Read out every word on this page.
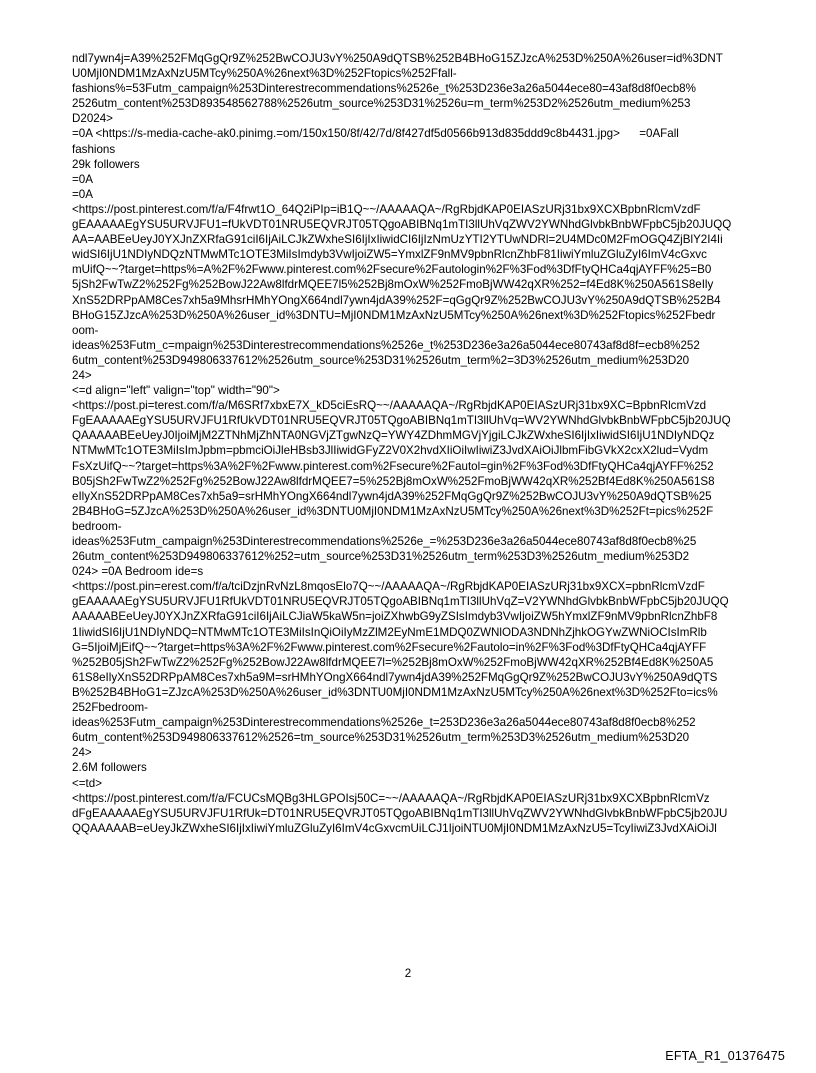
ndl7ywn4j=A39%252FMqGgQr9Z%252BwCOJU3vY%250A9dQTSB%252B4BHoG15ZJzcA%253D%250A%26user=id%3DNT
U0MjI0NDM1MzAxNzU5MTcy%250A%26next%3D%252Ftopics%252Ffall-
fashions%=53Futm_campaign%253Dinterestrecommendations%2526e_t%253D236e3a26a5044ece80=43af8d8f0ecb8%
2526utm_content%253D893548562788%2526utm_source%253D31%2526u=m_term%253D2%2526utm_medium%253
D2024>
=0A <https://s-media-cache-ak0.pinimg.=om/150x150/8f/42/7d/8f427df5d0566b913d835ddd9c8b4431.jpg>      =0AFall
fashions
29k followers
=0A
=0A
<https://post.pinterest.com/f/a/F4frwt1O_64Q2iPIp=iB1Q~~/AAAAAQA~/RgRbjdKAP0EIASzURj31bx9XCXBpbnRlcmVzdF
gEAAAAAEgYSU5URVJFU1=fUkVDT01NRU5EQVRJT05TQgoABIBNq1mTI3llUhVqZWV2YWNhdGlvbkBnbWFpbC5jb20JUQQ
AA=AABEeUeyJ0YXJnZXRfaG91ciI6IjAiLCJkZWxheSI6IjIxIiwidCI6IjIzNmUzYTI2YTUwNDRl=2U4MDc0M2FmOGQ4ZjBlY2I4Ii
widSI6IjU1NDIyNDQzNTMwMTc1OTE3MiIsImdyb3VwIjoiZW5=YmxlZF9nMV9pbnRlcnZhbF81IiwiYmluZGluZyI6ImV4cGxvc
mUifQ~~?target=https%=A%2F%2Fwww.pinterest.com%2Fsecure%2Fautologin%2F%3Fod%3DfFtyQHCa4qjAYFF%25=B0
5jSh2FwTwZ2%252Fg%252BowJ22Aw8lfdrMQEE7l5%252Bj8mOxW%252FmoBjWW42qXR%252=f4Ed8K%250A561S8eIly
XnS52DRPpAM8Ces7xh5a9MhsrHMhYOngX664ndl7ywn4jdA39%252F=qGgQr9Z%252BwCOJU3vY%250A9dQTSB%252B4
BHoG15ZJzcA%253D%250A%26user_id%3DNTU=MjI0NDM1MzAxNzU5MTcy%250A%26next%3D%252Ftopics%252Fbedr
oom-
ideas%253Futm_c=mpaign%253Dinterestrecommendations%2526e_t%253D236e3a26a5044ece80743af8d8f=ecb8%252
6utm_content%253D949806337612%2526utm_source%253D31%2526utm_term%2=3D3%2526utm_medium%253D20
24>
<=d align="left" valign="top" width="90">
<https://post.pi=terest.com/f/a/M6SRf7xbxE7X_kD5ciEsRQ~~/AAAAAQA~/RgRbjdKAP0EIASzURj31bx9XC=BpbnRlcmVzd
FgEAAAAAEgYSU5URVJFU1RfUkVDT01NRU5EQVRJT05TQgoABIBNq1mTI3llUhVq=WV2YWNhdGlvbkBnbWFpbC5jb20JUQ
QAAAAABEeUeyJ0IjoiMjM2ZTNhMjZhNTA0NGVjZTgwNzQ=YWY4ZDhmMGVjYjgiLCJkZWxheSI6IjIxIiwidSI6IjU1NDIyNDQz
NTMwMTc1OTE3MiIsImJpbm=pbmciOiJleHBsb3JlIiwidGFyZ2V0X2hvdXIiOiIwIiwiZ3JvdXAiOiJlbmFibGVkX2cxX2lud=Vydm
FsXzUifQ~~?target=https%3A%2F%2Fwww.pinterest.com%2Fsecure%2Fautol=gin%2F%3Fod%3DfFtyQHCa4qjAYFF%252
B05jSh2FwTwZ2%252Fg%252BowJ22Aw8lfdrMQEE7=5%252Bj8mOxW%252FmoBjWW42qXR%252Bf4Ed8K%250A561S8
eIlyXnS52DRPpAM8Ces7xh5a9=srHMhYOngX664ndl7ywn4jdA39%252FMqGgQr9Z%252BwCOJU3vY%250A9dQTSB%25
2B4BHoG=5ZJzcA%253D%250A%26user_id%3DNTU0MjI0NDM1MzAxNzU5MTcy%250A%26next%3D%252Ft=pics%252F
bedroom-
ideas%253Futm_campaign%253Dinterestrecommendations%2526e_=%253D236e3a26a5044ece80743af8d8f0ecb8%25
26utm_content%253D949806337612%252=utm_source%253D31%2526utm_term%253D3%2526utm_medium%253D2
024> =0A Bedroom ide=s
<https://post.pin=erest.com/f/a/tciDzjnRvNzL8mqosElo7Q~~/AAAAAQA~/RgRbjdKAP0EIASzURj31bx9XCX=pbnRlcmVzdF
gEAAAAAEgYSU5URVJFU1RfUkVDT01NRU5EQVRJT05TQgoABIBNq1mTI3llUhVqZ=V2YWNhdGlvbkBnbWFpbC5jb20JUQQ
AAAAABEeUeyJ0YXJnZXRfaG91ciI6IjAiLCJiaW5kaW5n=joiZXhwbG9yZSIsImdyb3VwIjoiZW5hYmxlZF9nMV9pbnRlcnZhbF8
1IiwidSI6IjU1NDIyNDQ=NTMwMTc1OTE3MiIsInQiOiIyMzZlM2EyNmE1MDQ0ZWNlODA3NDNhZjhkOGYwZWNiOCIsImRlb
G=5IjoiMjEifQ~~?target=https%3A%2F%2Fwww.pinterest.com%2Fsecure%2Fautolo=in%2F%3Fod%3DfFtyQHCa4qjAYFF
%252B05jSh2FwTwZ2%252Fg%252BowJ22Aw8lfdrMQEE7l=%252Bj8mOxW%252FmoBjWW42qXR%252Bf4Ed8K%250A5
61S8eIlyXnS52DRPpAM8Ces7xh5a9M=srHMhYOngX664ndl7ywn4jdA39%252FMqGgQr9Z%252BwCOJU3vY%250A9dQTS
B%252B4BHoG1=ZJzcA%253D%250A%26user_id%3DNTU0MjI0NDM1MzAxNzU5MTcy%250A%26next%3D%252Fto=ics%
252Fbedroom-
ideas%253Futm_campaign%253Dinterestrecommendations%2526e_t=253D236e3a26a5044ece80743af8d8f0ecb8%252
6utm_content%253D949806337612%2526=tm_source%253D31%2526utm_term%253D3%2526utm_medium%253D20
24>
2.6M followers
<=td>
<https://post.pinterest.com/f/a/FCUCsMQBg3HLGPOIsj50C=~~/AAAAAQA~/RgRbjdKAP0EIASzURj31bx9XCXBpbnRlcmVz
dFgEAAAAAEgYSU5URVJFU1RfUk=DT01NRU5EQVRJT05TQgoABIBNq1mTI3llUhVqZWV2YWNhdGlvbkBnbWFpbC5jb20JU
QQAAAAAB=eUeyJkZWxheSI6IjIxIiwiYmluZGluZyI6ImV4cGxvcmUiLCJ1IjoiNTU0MjI0NDM1MzAxNzU5=TcyIiwiZ3JvdXAiOiJl
2
EFTA_R1_01376475
